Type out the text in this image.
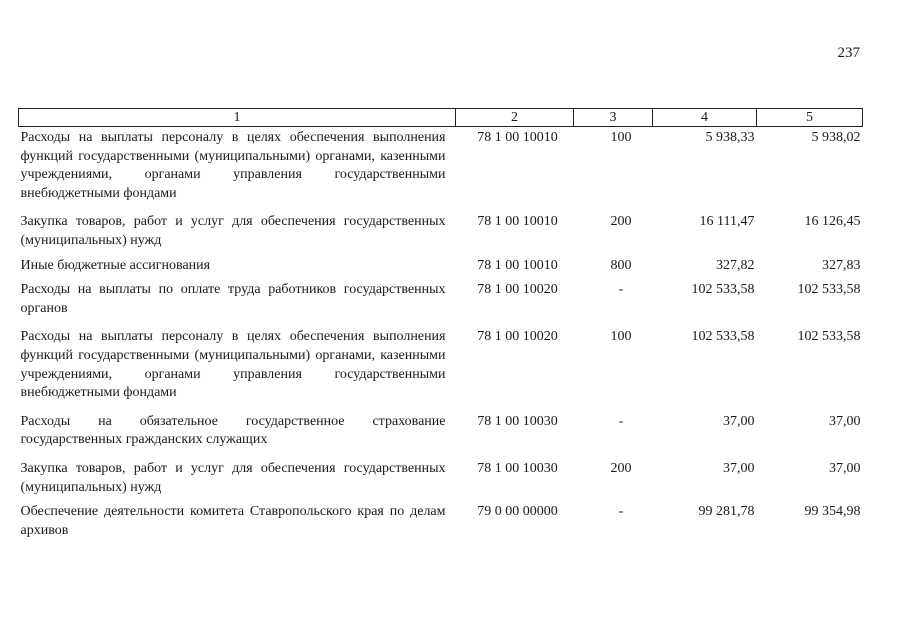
237
1	2	3	4	5
Расходы на выплаты персоналу в целях обеспечения выполнения функций государственными (муниципальными) органами, казенными учреждениями, органами управления государственными внебюджетными фондами	78 1 00 10010	100	5 938,33	5 938,02
Закупка товаров, работ и услуг для обеспечения государственных (муниципальных) нужд	78 1 00 10010	200	16 111,47	16 126,45
Иные бюджетные ассигнования	78 1 00 10010	800	327,82	327,83
Расходы на выплаты по оплате труда работников государственных органов	78 1 00 10020	-	102 533,58	102 533,58
Расходы на выплаты персоналу в целях обеспечения выполнения функций государственными (муниципальными) органами, казенными учреждениями, органами управления государственными внебюджетными фондами	78 1 00 10020	100	102 533,58	102 533,58
Расходы на обязательное государственное страхование государственных гражданских служащих	78 1 00 10030	-	37,00	37,00
Закупка товаров, работ и услуг для обеспечения государственных (муниципальных) нужд	78 1 00 10030	200	37,00	37,00
Обеспечение деятельности комитета Ставропольского края по делам архивов	79 0 00 00000	-	99 281,78	99 354,98
